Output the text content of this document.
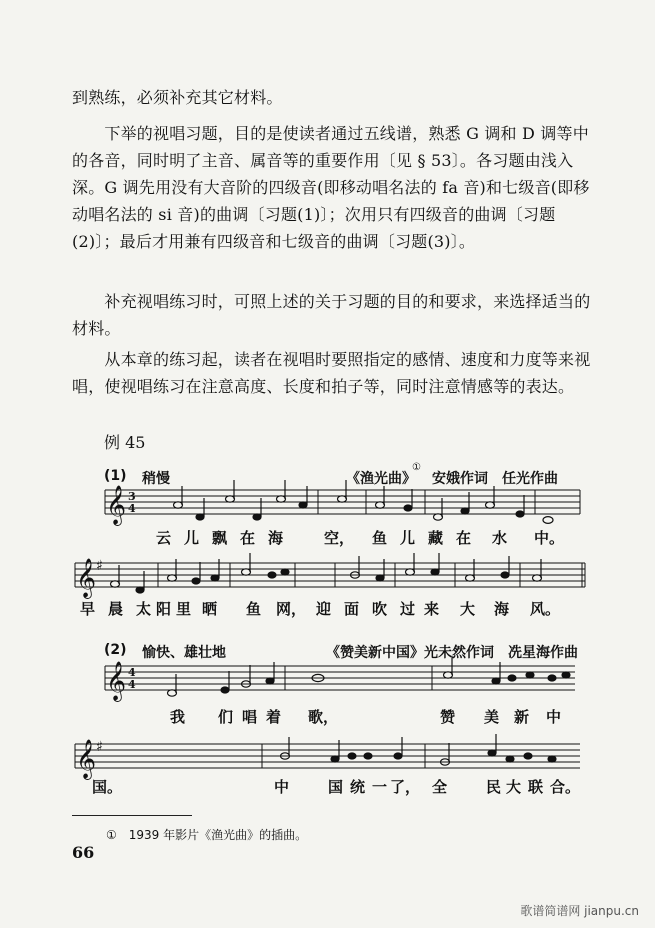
到熟练，必须补充其它材料。
　　下举的视唱习题，目的是使读者通过五线谱，熟悉 G 调和 D 调等中的各音，同时明了主音、属音等的重要作用〔见 § 53〕。各习题由浅入深。G 调先用没有大音阶的四级音(即移动唱名法的 fa 音)和七级音(即移动唱名法的 si 音)的曲调〔习题(1)〕；次用只有四级音的曲调〔习题(2)〕；最后才用兼有四级音和七级音的曲调〔习题(3)〕。
　　补充视唱练习时，可照上述的关于习题的目的和要求，来选择适当的材料。
　　从本章的练习起，读者在视唱时要照指定的感情、速度和力度等来视唱，使视唱练习在注意高度、长度和拍子等，同时注意情感等的表达。
例 45
(1) 稍慢	《渔光曲》
①
安娥作词　任光作曲
(2) 愉快、雄壮地	《赞美新中国》 光未然作词　冼星海作曲
𝄞
𝄞
𝄞
𝄞
♯
♯
3
4
4
4
云 儿 飘 在 海	空， 鱼 儿 藏 在 水 中。
早 晨 太 阳 里 晒 鱼 网， 迎 面 吹 过 来 大 海 风。
我 们 唱 着 歌，	赞 美 新 中
国。	中	国 统 一 了， 全	民 大 联 合。
①　1939 年影片《渔光曲》的插曲。
66
歌谱简谱网 jianpu.cn
